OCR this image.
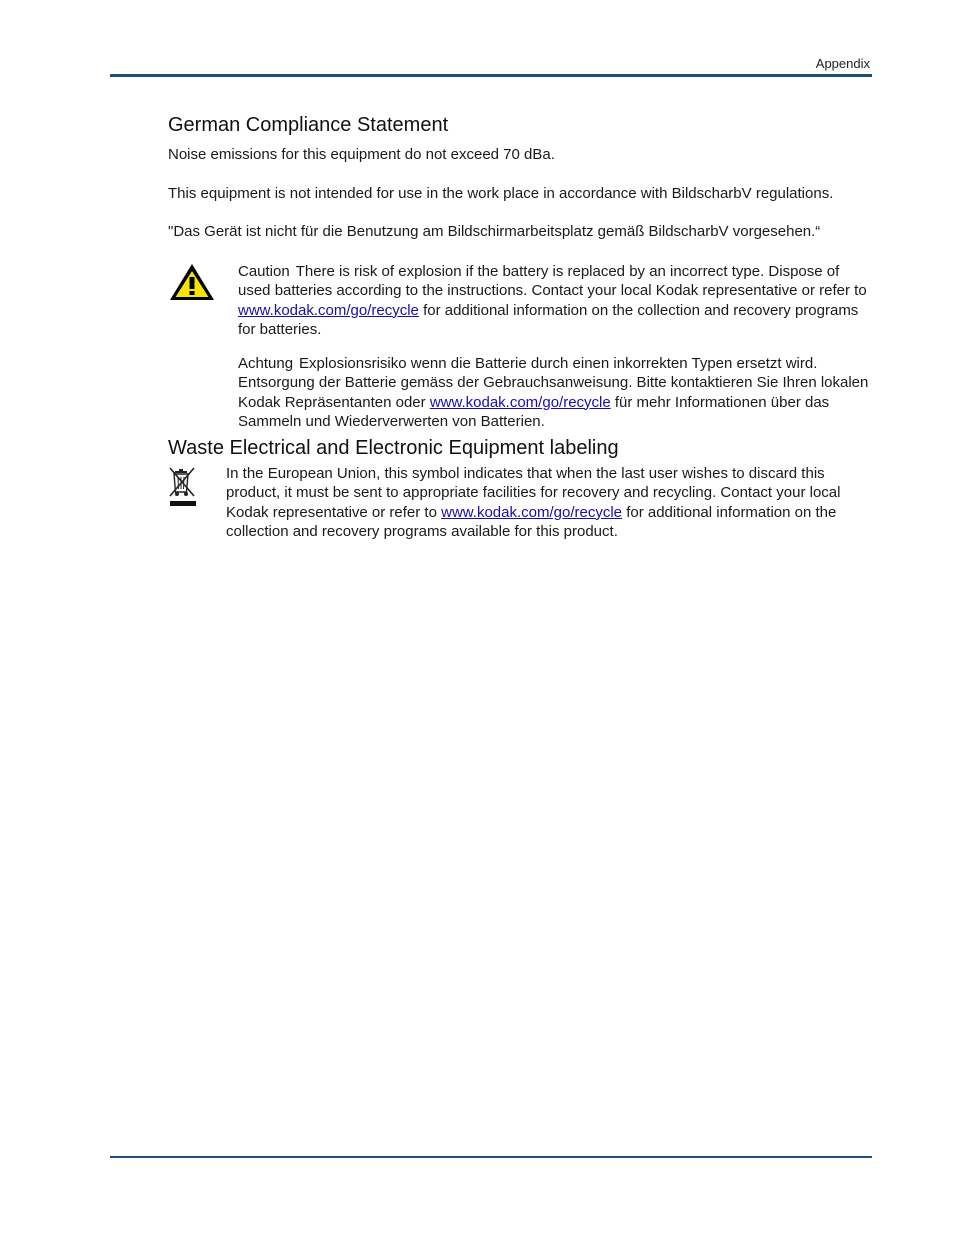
Appendix
German Compliance Statement

Noise emissions for this equipment do not exceed 70 dBa.

This equipment is not intended for use in the work place in accordance with BildscharbV regulations.

"Das Gerät ist nicht für die Benutzung am Bildschirmarbeitsplatz gemäß BildscharbV vorgesehen.“

Caution There is risk of explosion if the battery is replaced by an incorrect type. Dispose of used batteries according to the instructions. Contact your local Kodak representative or refer to www.kodak.com/go/recycle for additional information on the collection and recovery programs for batteries.

Achtung Explosionsrisiko wenn die Batterie durch einen inkorrekten Typen ersetzt wird. Entsorgung der Batterie gemäss der Gebrauchsanweisung. Bitte kontaktieren Sie Ihren lokalen Kodak Repräsentanten oder www.kodak.com/go/recycle für mehr Informationen über das Sammeln und Wiederverwerten von Batterien.

Waste Electrical and Electronic Equipment labeling

In the European Union, this symbol indicates that when the last user wishes to discard this product, it must be sent to appropriate facilities for recovery and recycling. Contact your local Kodak representative or refer to www.kodak.com/go/recycle for additional information on the collection and recovery programs available for this product.
